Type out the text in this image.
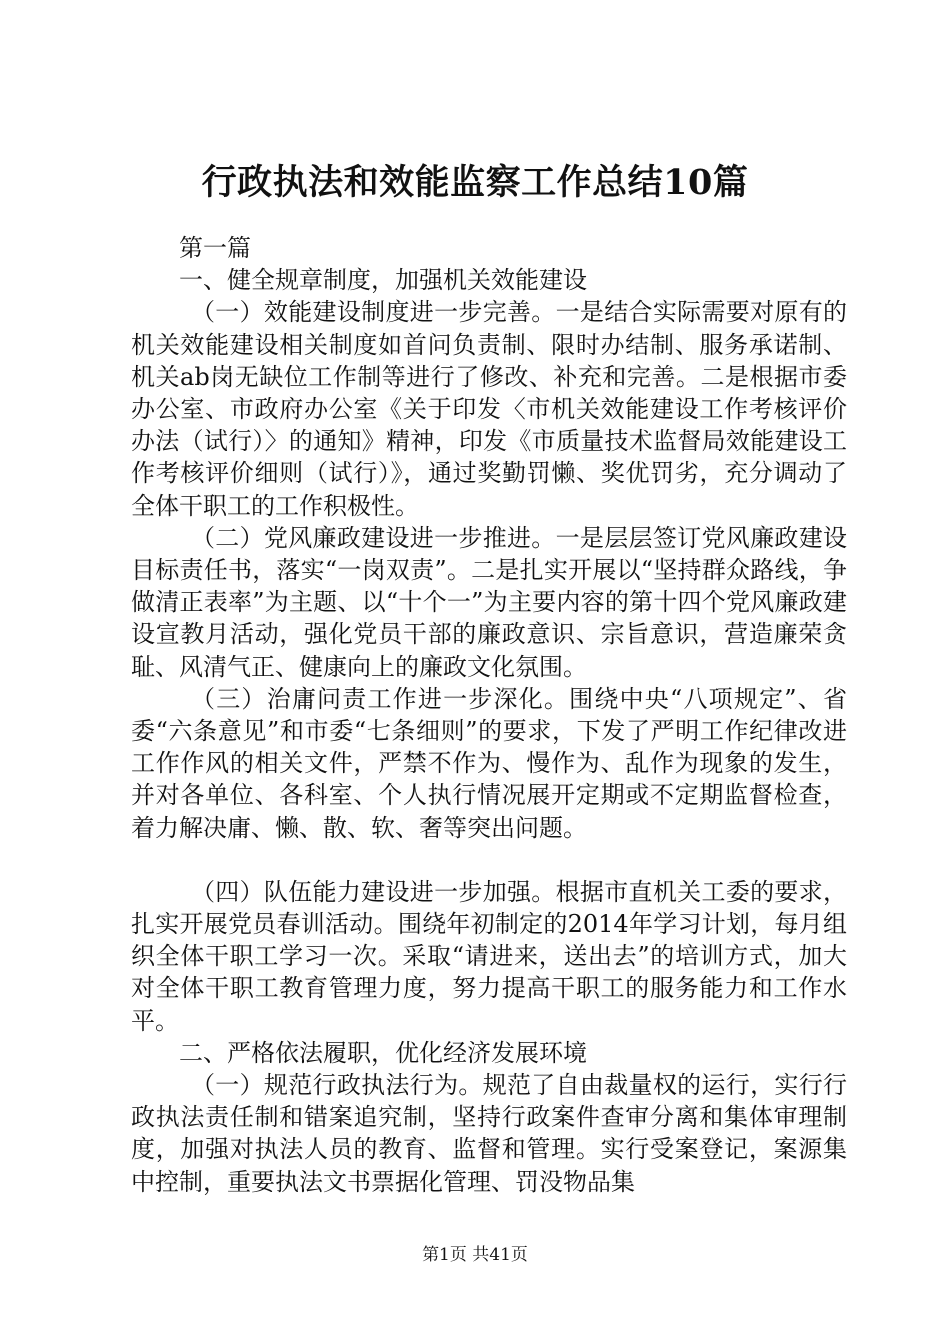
行政执法和效能监察工作总结10篇

第一篇

一、健全规章制度，加强机关效能建设

（一）效能建设制度进一步完善。一是结合实际需要对原有的机关效能建设相关制度如首问负责制、限时办结制、服务承诺制、机关ab岗无缺位工作制等进行了修改、补充和完善。二是根据市委办公室、市政府办公室《关于印发〈市机关效能建设工作考核评价办法（试行）〉的通知》精神，印发《市质量技术监督局效能建设工作考核评价细则（试行）》，通过奖勤罚懒、奖优罚劣，充分调动了全体干职工的工作积极性。

（二）党风廉政建设进一步推进。一是层层签订党风廉政建设目标责任书，落实“一岗双责”。二是扎实开展以“坚持群众路线，争做清正表率”为主题、以“十个一”为主要内容的第十四个党风廉政建设宣教月活动，强化党员干部的廉政意识、宗旨意识，营造廉荣贪耻、风清气正、健康向上的廉政文化氛围。

（三）治庸问责工作进一步深化。围绕中央“八项规定”、省委“六条意见”和市委“七条细则”的要求，下发了严明工作纪律改进工作作风的相关文件，严禁不作为、慢作为、乱作为现象的发生，并对各单位、各科室、个人执行情况展开定期或不定期监督检查，着力解决庸、懒、散、软、奢等突出问题。

（四）队伍能力建设进一步加强。根据市直机关工委的要求，扎实开展党员春训活动。围绕年初制定的2014年学习计划，每月组织全体干职工学习一次。采取“请进来，送出去”的培训方式，加大对全体干职工教育管理力度，努力提高干职工的服务能力和工作水平。

二、严格依法履职，优化经济发展环境

（一）规范行政执法行为。规范了自由裁量权的运行，实行行政执法责任制和错案追究制，坚持行政案件查审分离和集体审理制度，加强对执法人员的教育、监督和管理。实行受案登记，案源集中控制，重要执法文书票据化管理、罚没物品集

第1页 共41页
